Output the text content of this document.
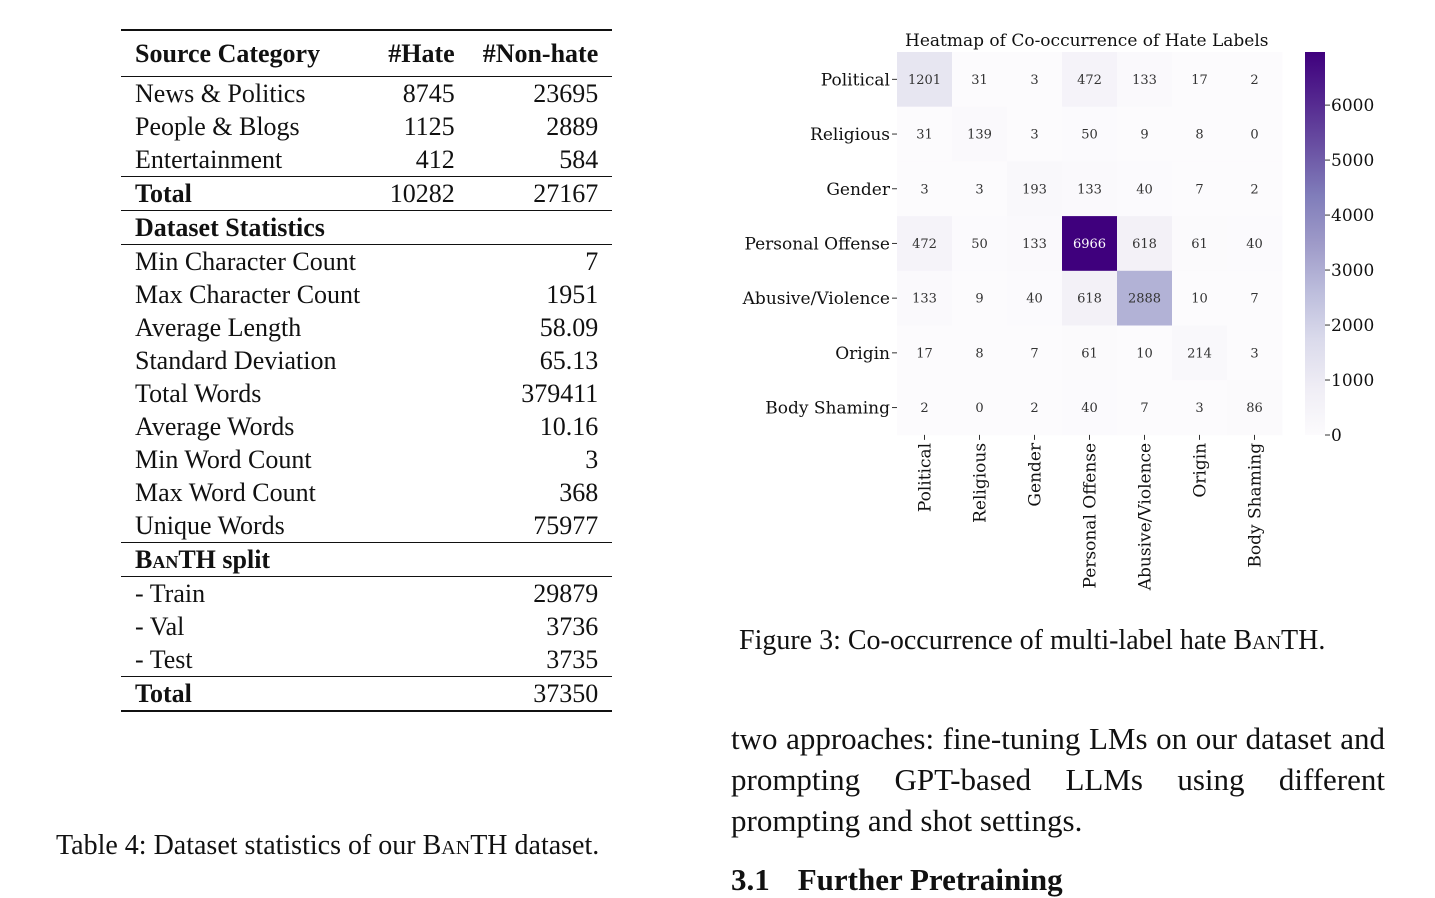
Source Category	#Hate	#Non-hate
News & Politics	8745	23695
People & Blogs	1125	2889
Entertainment	412	584
Total	10282	27167
Dataset Statistics		
Min Character Count		7
Max Character Count		1951
Average Length		58.09
Standard Deviation		65.13
Total Words		379411
Average Words		10.16
Min Word Count		3
Max Word Count		368
Unique Words		75977
BanTH split		
- Train		29879
- Val		3736
- Test		3735
Total		37350
Table 4: Dataset statistics of our BanTH dataset.
Heatmap of Co-occurrence of Hate Labels
1201 31	3	472 133	17	2
31	139	3	50	9	8	0
3	3	193 133	40	7	2
472	50	133 6966 618	61	40
133	9	40	618 2888 10	7
17	8	7	61	10	214	3
2	0	2	40	7	3	86
Political
Religious
Gender
Personal Offense
Abusive/Violence
Origin
Body Shaming
Political Religious Gender Personal Offense Abusive/Violence Origin Body Shaming
0
1000
2000
3000
4000
5000
6000
Figure 3: Co-occurrence of multi-label hate BanTH.
two approaches: fine-tuning LMs on our dataset and prompting GPT-based LLMs using different prompting and shot settings.
3.1 Further Pretraining
